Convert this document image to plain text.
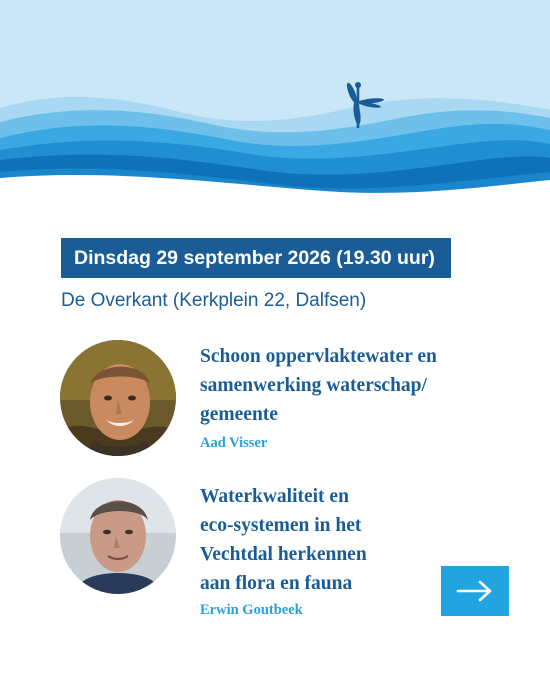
Dinsdag 29 september 2026 (19.30 uur)
De Overkant (Kerkplein 22, Dalfsen)
Schoon oppervlaktewater en
samenwerking waterschap/
gemeente
Aad Visser
Waterkwaliteit en
eco-systemen in het
Vechtdal herkennen
aan flora en fauna
Erwin Goutbeek
